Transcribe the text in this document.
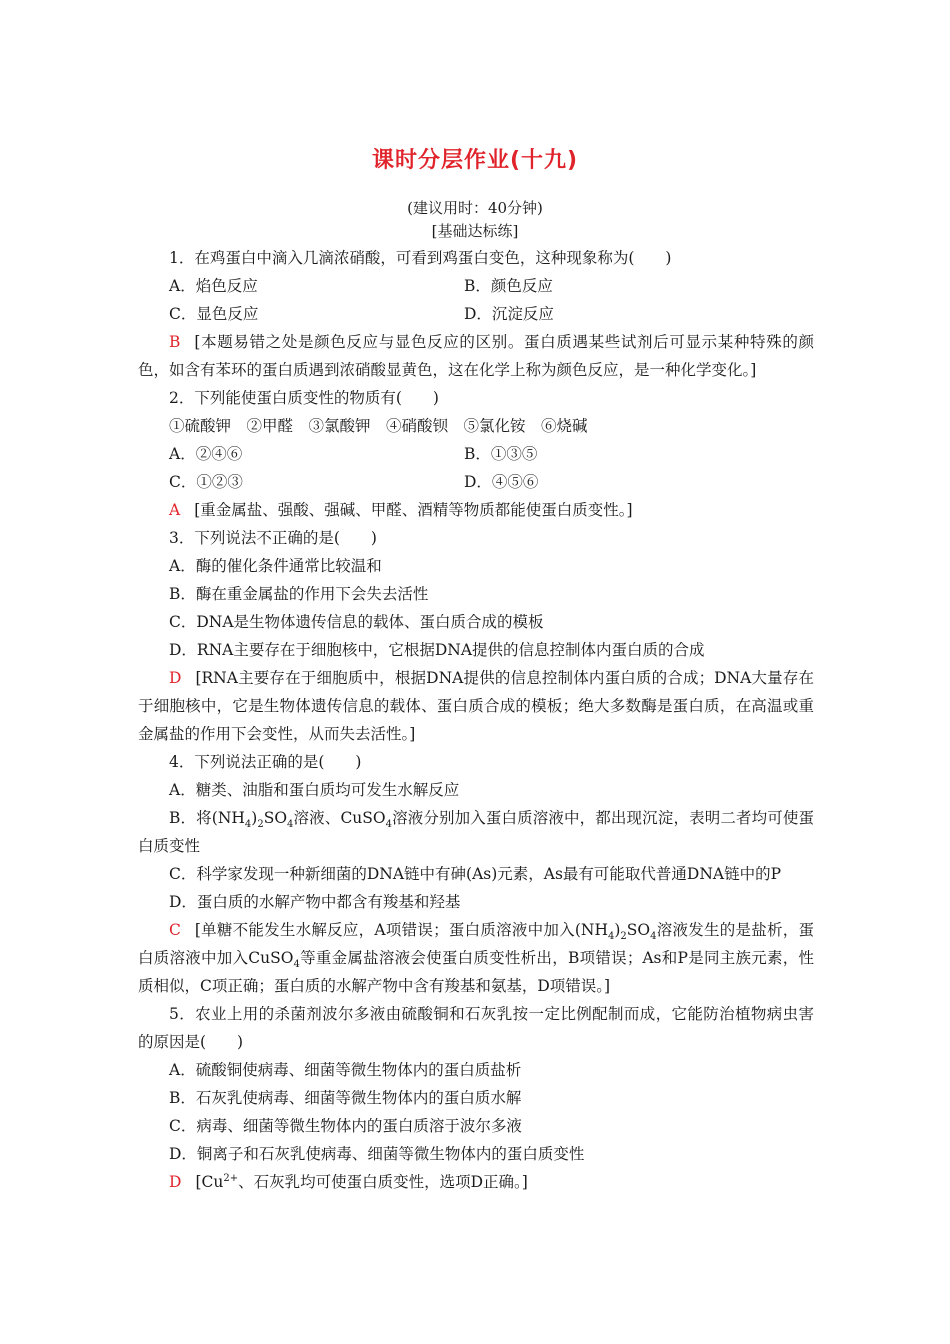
课时分层作业(十九)
(建议用时：40分钟)
[基础达标练]
1．在鸡蛋白中滴入几滴浓硝酸，可看到鸡蛋白变色，这种现象称为(　　)
A．焰色反应	B．颜色反应
C．显色反应	D．沉淀反应
B [本题易错之处是颜色反应与显色反应的区别。蛋白质遇某些试剂后可显示某种特殊的颜色，如含有苯环的蛋白质遇到浓硝酸显黄色，这在化学上称为颜色反应，是一种化学变化。]
2．下列能使蛋白质变性的物质有(　　)
①硫酸钾　②甲醛　③氯酸钾　④硝酸钡　⑤氯化铵　⑥烧碱
A．②④⑥	B．①③⑤
C．①②③	D．④⑤⑥
A [重金属盐、强酸、强碱、甲醛、酒精等物质都能使蛋白质变性。]
3．下列说法不正确的是(　　)
A．酶的催化条件通常比较温和
B．酶在重金属盐的作用下会失去活性
C．DNA是生物体遗传信息的载体、蛋白质合成的模板
D．RNA主要存在于细胞核中，它根据DNA提供的信息控制体内蛋白质的合成
D [RNA主要存在于细胞质中，根据DNA提供的信息控制体内蛋白质的合成；DNA大量存在于细胞核中，它是生物体遗传信息的载体、蛋白质合成的模板；绝大多数酶是蛋白质，在高温或重金属盐的作用下会变性，从而失去活性。]
4．下列说法正确的是(　　)
A．糖类、油脂和蛋白质均可发生水解反应
B．将$(NH_4)_2SO_4$溶液、CuSO$_4$溶液分别加入蛋白质溶液中，都出现沉淀，表明二者均可使蛋白质变性
C．科学家发现一种新细菌的DNA链中有砷(As)元素，As最有可能取代普通DNA链中的P
D．蛋白质的水解产物中都含有羧基和羟基
C [单糖不能发生水解反应，A项错误；蛋白质溶液中加入$(NH_4)_2SO_4$溶液发生的是盐析，蛋白质溶液中加入CuSO$_4$等重金属盐溶液会使蛋白质变性析出，B项错误；As和P是同主族元素，性质相似，C项正确；蛋白质的水解产物中含有羧基和氨基，D项错误。]
5．农业上用的杀菌剂波尔多液由硫酸铜和石灰乳按一定比例配制而成，它能防治植物病虫害的原因是(　　)
A．硫酸铜使病毒、细菌等微生物体内的蛋白质盐析
B．石灰乳使病毒、细菌等微生物体内的蛋白质水解
C．病毒、细菌等微生物体内的蛋白质溶于波尔多液
D．铜离子和石灰乳使病毒、细菌等微生物体内的蛋白质变性
D [$Cu^{2+}$、石灰乳均可使蛋白质变性，选项D正确。]
